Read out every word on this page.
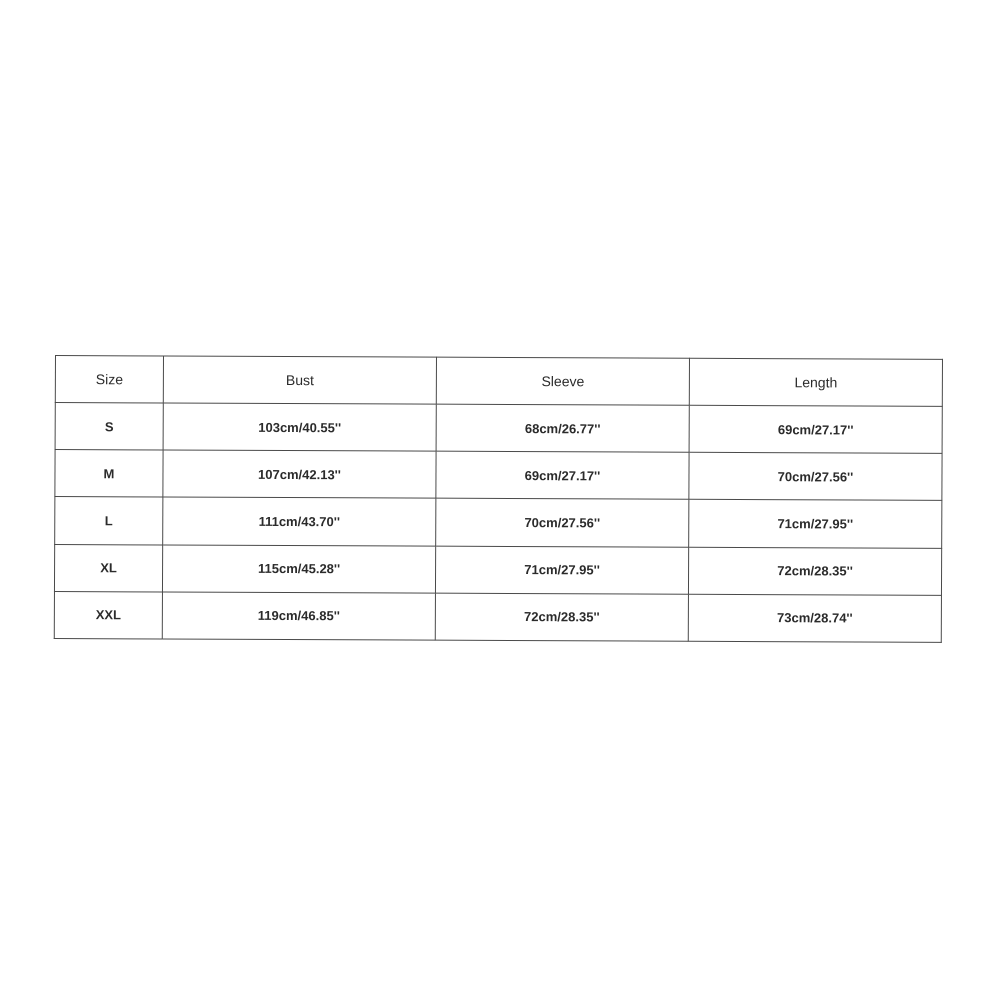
Size	Bust	Sleeve	Length
S	103cm/40.55''	68cm/26.77''	69cm/27.17''
M	107cm/42.13''	69cm/27.17''	70cm/27.56''
L	111cm/43.70''	70cm/27.56''	71cm/27.95''
XL	115cm/45.28''	71cm/27.95''	72cm/28.35''
XXL	119cm/46.85''	72cm/28.35''	73cm/28.74''
